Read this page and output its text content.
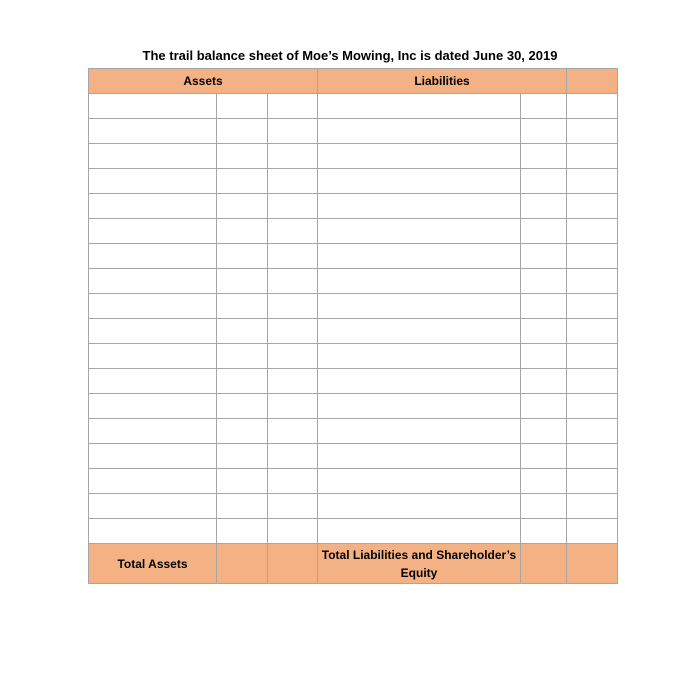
The trail balance sheet of Moe’s Mowing, Inc is dated June 30, 2019
Assets			Liabilities		

Total Assets			Total Liabilities and Shareholder’s Equity		
